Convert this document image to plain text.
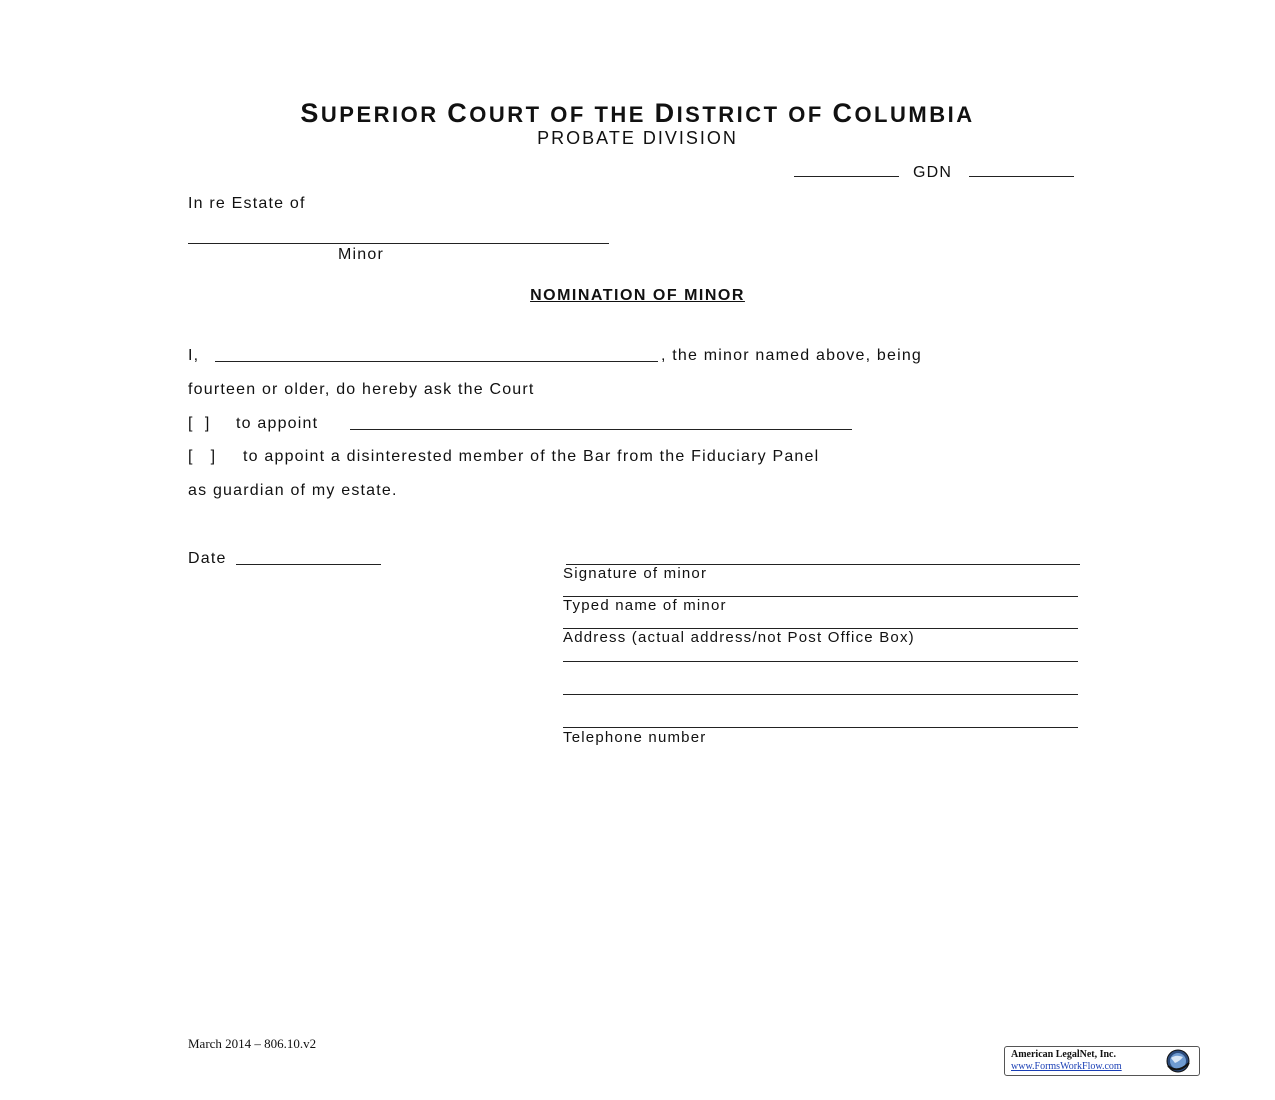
SUPERIOR COURT OF THE DISTRICT OF COLUMBIA
PROBATE DIVISION
GDN
In re Estate of
Minor
NOMINATION OF MINOR
I,	, the minor named above, being
fourteen or older, do hereby ask the Court
[  ] to appoint
[   ] to appoint a disinterested member of the Bar from the Fiduciary Panel
as guardian of my estate.
Date
Signature of minor
Typed name of minor
Address (actual address/not Post Office Box)
Telephone number
March 2014 – 806.10.v2
American LegalNet, Inc.
www.FormsWorkFlow.com
